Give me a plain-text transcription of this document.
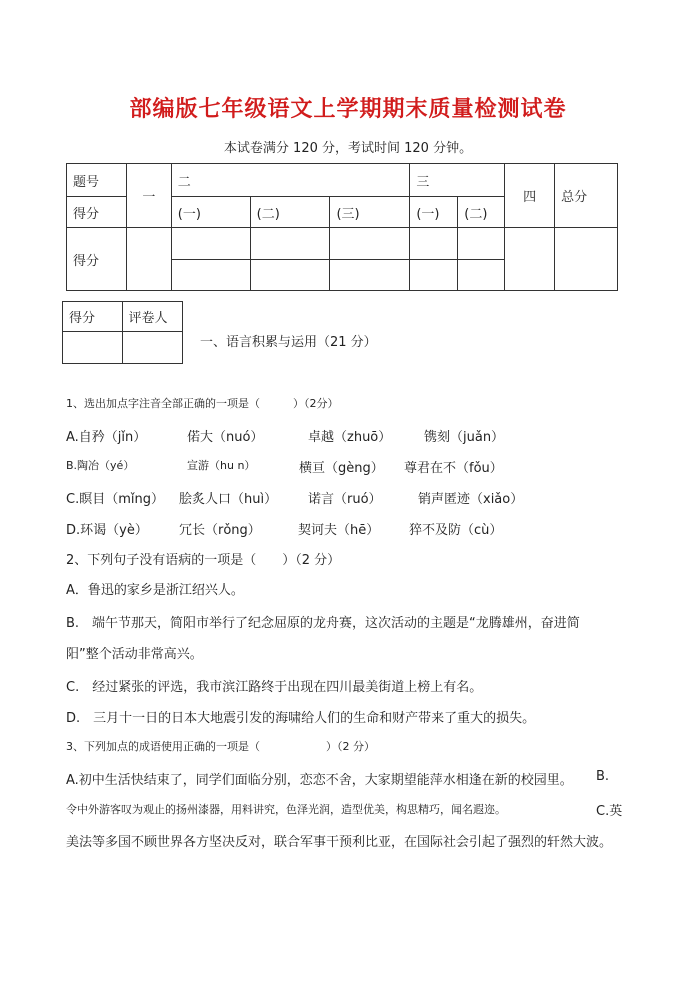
部编版七年级语文上学期期末质量检测试卷
本试卷满分 120 分，考试时间 120 分钟。
题号	一	二			三		四	总分
得分		(一)	(二)	(三)	(一)	(二)		
得分								

得分	评卷人

一、语言积累与运用（21 分）
1、选出加点字注音全部正确的一项是（　　　）（2分）
A.自矜（jǐn）	偌大（nuó）	卓越（zhuō）	镌刻（juǎn）
B.陶冶（yé）	宣游（hu n）	横亘（gèng） 尊君在不（fǒu）
C.瞑目（mǐng） 脍炙人口（huì） 诺言（ruó）	销声匿迹（xiǎo）
D.环谒（yè） 冗长（rǒng）	契诃夫（hē） 猝不及防（cù）
2、下列句子没有语病的一项是（　　）（2 分）
A．鲁迅的家乡是浙江绍兴人。
B.　端午节那天，简阳市举行了纪念屈原的龙舟赛，这次活动的主题是“龙腾雄州，奋进简
阳”整个活动非常高兴。
C.　经过紧张的评选，我市滨江路终于出现在四川最美街道上榜上有名。
D.　三月十一日的日本大地震引发的海啸给人们的生命和财产带来了重大的损失。
3、下列加点的成语使用正确的一项是（　　　　　　）（2 分）
A.初中生活快结束了，同学们面临分别，恋恋不舍，大家期望能萍水相逢在新的校园里。 B.
令中外游客叹为观止的扬州漆器，用料讲究，色泽光润，造型优美，构思精巧，闻名遐迩。	C.英
美法等多国不顾世界各方坚决反对，联合军事干预利比亚，在国际社会引起了强烈的轩然大波。
